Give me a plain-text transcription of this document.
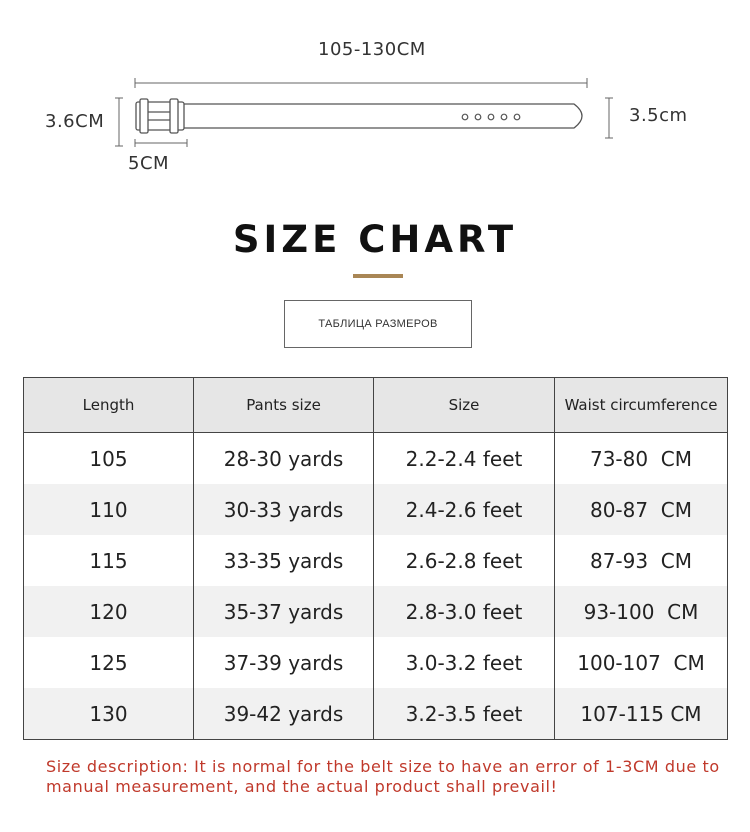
105-130CM
3.6CM	3.5cm
5CM
SIZE CHART
ТАБЛИЦА РАЗМЕРОВ
Length	Pants size	Size	Waist circumference
105	28-30 yards	2.2-2.4 feet	73-80  CM
110	30-33 yards	2.4-2.6 feet	80-87  CM
115	33-35 yards	2.6-2.8 feet	87-93  CM
120	35-37 yards	2.8-3.0 feet	93-100  CM
125	37-39 yards	3.0-3.2 feet	100-107  CM
130	39-42 yards	3.2-3.5 feet	107-115 CM
Size description: It is normal for the belt size to have an error of 1-3CM due to manual measurement, and the actual product shall prevail!
